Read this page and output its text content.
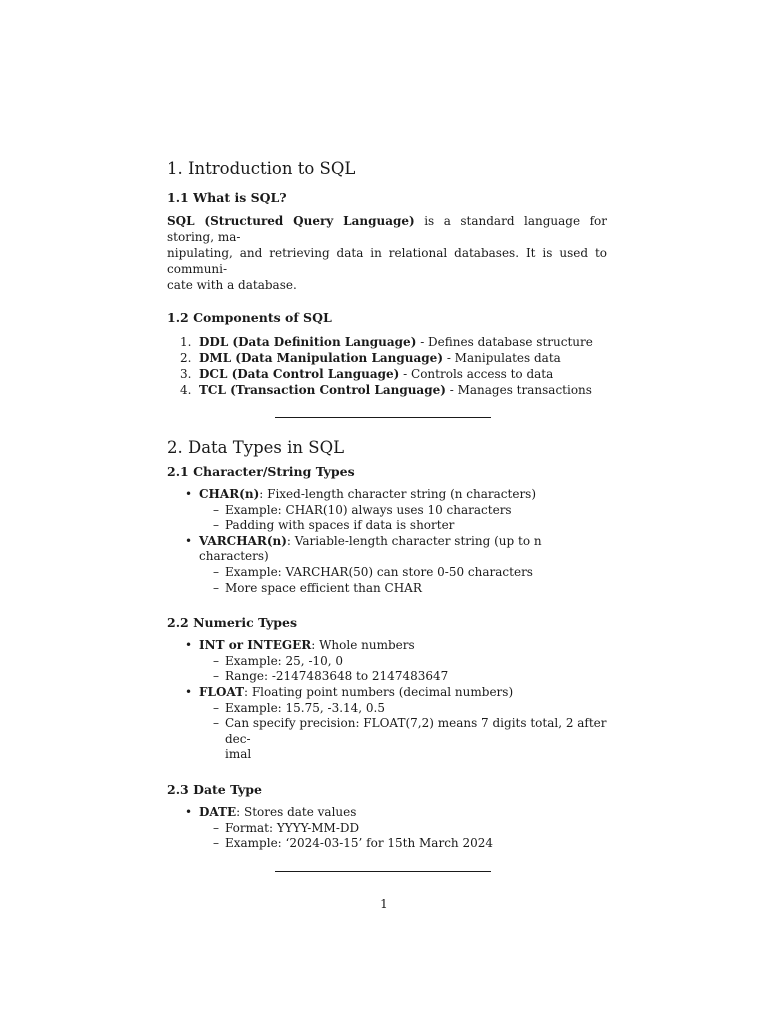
1. Introduction to SQL
1.1 What is SQL?

SQL (Structured Query Language) is a standard language for storing, ma-
nipulating, and retrieving data in relational databases. It is used to communi-
cate with a database.

1.2 Components of SQL
1. DDL (Data Definition Language) - Defines database structure
2. DML (Data Manipulation Language) - Manipulates data
3. DCL (Data Control Language) - Controls access to data
4. TCL (Transaction Control Language) - Manages transactions
2. Data Types in SQL
2.1 Character/String Types
• CHAR(n): Fixed-length character string (n characters)
– Example: CHAR(10) always uses 10 characters
– Padding with spaces if data is shorter
• VARCHAR(n): Variable-length character string (up to n characters)
– Example: VARCHAR(50) can store 0-50 characters
– More space efficient than CHAR
2.2 Numeric Types
• INT or INTEGER: Whole numbers
– Example: 25, -10, 0
– Range: -2147483648 to 2147483647
• FLOAT: Floating point numbers (decimal numbers)
– Example: 15.75, -3.14, 0.5
– Can specify precision: FLOAT(7,2) means 7 digits total, 2 after dec-
imal
2.3 Date Type
• DATE: Stores date values
– Format: YYYY-MM-DD
– Example: ‘2024-03-15’ for 15th March 2024
1
